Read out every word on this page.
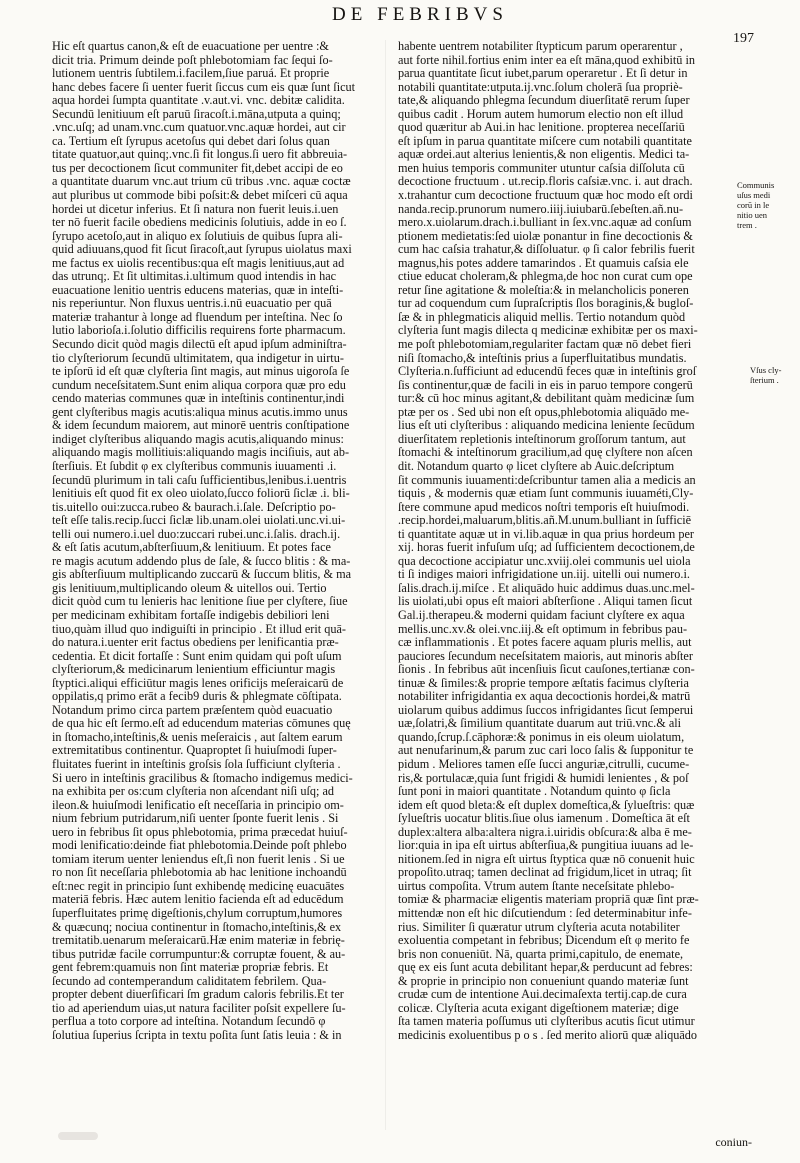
DE FEBRIBVS
197
Hic eſt quartus canon,& eſt de euacuatione per uentre :&
dicit tria. Primum deinde poſt phlebotomiam fac ſequi ſo-
lutionem uentris ſubtilem.i.facilem,ſiue paruá. Et proprie
hanc debes facere ſi uenter fuerit ſiccus cum eis quæ ſunt ſicut
aqua hordei ſumpta quantitate .v.aut.vi. vnc. debitæ calidita.
Secundū lenitiuum eſt paruū ſiracoſt.i.māna,utputa a quinq;
.vnc.uſq; ad unam.vnc.cum quatuor.vnc.aquæ hordei, aut cir
ca. Tertium eſt ſyrupus acetoſus qui debet dari ſolus quan
titate quatuor,aut quinq;.vnc.ſi fit longus.ſi uero fit abbreuia-
tus per decoctionem ſicut communiter fit,debet accipi de eo
a quantitate duarum vnc.aut trium cū tribus .vnc. aquæ coctæ
aut pluribus ut commode bibi poſsit:& debet miſceri cū aqua
hordei ut dicetur inferius. Et ſi natura non fuerit leuis.i.uen
ter nō fuerit facile obediens medicinis ſolutiuis, adde in eo ſ.
ſyrupo acetoſo,aut in aliquo ex ſolutiuis de quibus ſupra ali-
quid adiuuans,quod fit ſicut ſiracoſt,aut ſyrupus uiolatus maxi
me factus ex uiolis recentibus:qua eſt magis lenitiuus,aut ad
das utrunq;. Et ſit ultimitas.i.ultimum quod intendis in hac
euacuatione lenitio uentris educens materias, quæ in inteſti-
nis reperiuntur. Non fluxus uentris.i.nū euacuatio per quā
materiæ trahantur à longe ad fluendum per inteſtina. Nec ſo
lutio laborioſa.i.ſolutio difficilis requirens forte pharmacum.
Secundo dicit quòd magis dilectū eſt apud ipſum adminiſtra-
tio clyſteriorum ſecundū ultimitatem, qua indigetur in uirtu-
te ipſorū id eſt quæ clyſteria ſint magis, aut minus uigoroſa ſe
cundum neceſsitatem.Sunt enim aliqua corpora quæ pro edu
cendo materias communes quæ in inteſtinis continentur,indi
gent clyſteribus magis acutis:aliqua minus acutis.immo unus
& idem ſecundum maiorem, aut minorē uentris conſtipatione
indiget clyſteribus aliquando magis acutis,aliquando minus:
aliquando magis mollitiuis:aliquando magis inciſiuis, aut ab-
ſterſiuis. Et ſubdit φ ex clyſteribus communis iuuamenti .i.
ſecundū plurimum in tali caſu ſufficientibus,lenibus.i.uentris
lenitiuis eſt quod fit ex oleo uiolato,ſucco foliorū ſiclæ .i. bli-
tis.uitello oui:zucca.rubeo & baurach.i.ſale. Deſcriptio po-
teſt eſſe talis.recip.ſucci ſiclæ lib.unam.olei uiolati.unc.vi.ui-
telli oui numero.i.uel duo:zuccari rubei.unc.i.ſalis. drach.ij.
& eſt ſatis acutum,abſterſiuum,& lenitiuum. Et potes face
re magis acutum addendo plus de ſale, & ſucco blitis : & ma-
gis abſterſiuum multiplicando zuccarū & ſuccum blitis, & ma
gis lenitiuum,multiplicando oleum & uitellos oui. Tertio
dicit quòd cum tu lenieris hac lenitione ſiue per clyſtere, ſiue
per medicinam exhibitam fortaſſe indigebis debiliori leni
tiuo,quàm illud quo indiguiſti in principio . Et illud erit quā-
do natura.i.uenter erit factus obediens per lenificantia præ-
cedentia. Et dicit fortaſſe : Sunt enim quidam qui poſt uſum
clyſteriorum,& medicinarum lenientium efficiuntur magis
ſtyptici.aliqui efficiūtur magis lenes orificijs meſeraicarū de
oppilatis,q primo erāt a fecib9 duris & phlegmate cōſtipata.
Notandum primo circa partem præſentem quòd euacuatio
de qua hic eſt ſermo.eſt ad educendum materias cōmunes quę
in ſtomacho,inteſtinis,& uenis meſeraicis , aut ſaltem earum
extremitatibus continentur. Quaproptet ſi huiuſmodi ſuper-
fluitates fuerint in inteſtinis groſsis ſola ſufficiunt clyſteria .
Si uero in inteſtinis gracilibus & ſtomacho indigemus medici-
na exhibita per os:cum clyſteria non aſcendant niſi uſq; ad
ileon.& huiuſmodi lenificatio eſt neceſſaria in principio om-
nium febrium putridarum,niſi uenter ſponte fuerit lenis . Si
uero in febribus ſit opus phlebotomia, prima præcedat huiuſ-
modi lenificatio:deinde fiat phlebotomia.Deinde poſt phlebo
tomiam iterum uenter leniendus eſt,ſi non fuerit lenis . Si ue
ro non ſit neceſſaria phlebotomia ab hac lenitione inchoandū
eſt:nec regit in principio ſunt exhibendę medicinę euacuātes
materiā febris. Hæc autem lenitio facienda eſt ad educēdum
ſuperfluitates primę digeſtionis,chylum corruptum,humores
& quæcunq; nociua continentur in ſtomacho,inteſtinis,& ex
tremitatib.uenarum meſeraicarū.Hæ enim materiæ in febrię-
tibus putridæ facile corrumpuntur:& corruptæ fouent, & au-
gent febrem:quamuis non ſint materiæ propriæ febris. Et
ſecundo ad contemperandum caliditatem febrilem. Qua-
propter debent diuerſificari ſm gradum caloris febrilis.Et ter
tio ad aperiendum uias,ut natura faciliter poſsit expellere ſu-
perflua a toto corpore ad inteſtina. Notandum ſecundō φ
ſolutiua ſuperius ſcripta in textu poſita ſunt ſatis leuia : & in
habente uentrem notabiliter ſtypticum parum operarentur ,
aut forte nihil.fortius enim inter ea eſt māna,quod exhibitū in
parua quantitate ſicut iubet,parum operaretur . Et ſi detur in
notabili quantitate:utputa.ij.vnc.ſolum cholerā ſua propriè-
tate,& aliquando phlegma ſecundum diuerſitatē rerum ſuper
quibus cadit . Horum autem humorum electio non eſt illud
quod quæritur ab Aui.in hac lenitione. propterea neceſſariū
eſt ipſum in parua quantitate miſcere cum notabili quantitate
aquæ ordei.aut alterius lenientis,& non eligentis. Medici ta-
men huius temporis communiter utuntur caſsia diſſoluta cū
decoctione fructuum . ut.recip.floris caſsiæ.vnc. i. aut drach.
x.trahantur cum decoctione fructuum quæ hoc modo eſt ordi
nanda.recip.prunorum numero.iiij.iuiubarū.ſebeſten.añ.nu-
mero.x.uiolarum.drach.i.bulliant in ſex.vnc.aquæ ad conſum
ptionem medietatis:ſed uiolæ ponantur in fine decoctionis &
cum hac caſsia trahatur,& diſſoluatur. φ ſi calor febrilis fuerit
magnus,his potes addere tamarindos . Et quamuis caſsia ele
ctiue educat choleram,& phlegma,de hoc non curat cum ope
retur ſine agitatione & moleſtia:& in melancholicis poneren
tur ad coquendum cum ſupraſcriptis ſlos boraginis,& bugloſ-
ſæ & in phlegmaticis aliquid mellis. Tertio notandum quòd
clyſteria ſunt magis dilecta q medicinæ exhibitæ per os maxi-
me poſt phlebotomiam,regulariter factam quæ nō debet fieri
niſi ſtomacho,& inteſtinis prius a ſuperfluitatibus mundatis.
Clyſteria.n.ſufficiunt ad educendū feces quæ in inteſtinis groſ
ſis continentur,quæ de facili in eis in paruo tempore congerū
tur:& cū hoc minus agitant,& debilitant quàm medicinæ ſum
ptæ per os . Sed ubi non eſt opus,phlebotomia aliquādo me-
lius eſt uti clyſteribus : aliquando medicina leniente ſecūdum
diuerſitatem repletionis inteſtinorum groſſorum tantum, aut
ſtomachi & inteſtinorum gracilium,ad quę clyſtere non aſcen
dit. Notandum quarto φ licet clyſtere ab Auic.deſcriptum
ſit communis iuuamenti:deſcribuntur tamen alia a medicis an
tiquis , & modernis quæ etiam ſunt communis iuuaméti,Cly-
ſtere commune apud medicos noſtri temporis eſt huiuſmodi.
.recip.hordei,maluarum,blitis.añ.M.unum.bulliant in ſufficiē
ti quantitate aquæ ut in vi.lib.aquæ in qua prius hordeum per
xij. horas fuerit infuſum uſq; ad ſufficientem decoctionem,de
qua decoctione accipiatur unc.xviij.olei communis uel uiola
ti ſi indiges maiori infrigidatione un.iij. uitelli oui numero.i.
ſalis.drach.ij.miſce . Et aliquādo huic addimus duas.unc.mel-
lis uiolati,ubi opus eſt maiori abſterſione . Aliqui tamen ſicut
Gal.ij.therapeu.& moderni quidam faciunt clyſtere ex aqua
mellis.unc.xv.& olei.vnc.iij.& eſt optimum in febribus pau-
cæ inflammationis . Et potes facere aquam pluris mellis, aut
pauciores ſecundum neceſsitatem maioris, aut minoris abſter
ſionis . In febribus aūt incenſiuis ſicut cauſones,tertianæ con-
tinuæ & ſimiles:& proprie tempore æſtatis facimus clyſteria
notabiliter infrigidantia ex aqua decoctionis hordei,& matrū
uiolarum quibus addimus ſuccos infrigidantes ſicut ſemperui
uæ,ſolatri,& ſimilium quantitate duarum aut triū.vnc.& ali
quando,ſcrup.ſ.cāphoræ:& ponimus in eis oleum uiolatum,
aut nenufarinum,& parum zuc cari loco ſalis & ſupponitur te
pidum . Meliores tamen eſſe ſucci anguriæ,citrulli, cucume-
ris,& portulacæ,quia ſunt frigidi & humidi lenientes , & poſ
ſunt poni in maiori quantitate . Notandum quinto φ ſicla
idem eſt quod bleta:& eſt duplex domeſtica,& ſylueſtris: quæ
ſylueſtris uocatur blitis.ſiue olus iamenum . Domeſtica āt eſt
duplex:altera alba:altera nigra.i.uiridis obſcura:& alba ē me-
lior:quia in ipa eſt uirtus abſterſiua,& pungitiua iuuans ad le-
nitionem.ſed in nigra eſt uirtus ſtyptica quæ nō conuenit huic
propoſito.utraq; tamen declinat ad frigidum,licet in utraq; ſit
uirtus compoſita. Vtrum autem ſtante neceſsitate phlebo-
tomiæ & pharmaciæ eligentis materiam propriā quæ ſint præ-
mittendæ non eſt hic diſcutiendum : ſed determinabitur infe-
rius. Similiter ſi quæratur utrum clyſteria acuta notabiliter
exoluentia competant in febribus; Dicendum eſt φ merito fe
bris non conueniūt. Nā, quarta primi,capitulo, de enemate,
quę ex eis ſunt acuta debilitant hepar,& perducunt ad febres:
& proprie in principio non conueniunt quando materiæ ſunt
crudæ cum de intentione Aui.decimaſexta tertij.cap.de cura
colicæ. Clyſteria acuta exigant digeſtionem materiæ; dige
ſta tamen materia poſſumus uti clyſteribus acutis ſicut utimur
medicinis exoluentibus p o s . ſed merito aliorū quæ aliquādo
Communis
uſus medi
corū in le
nitio uen
trem .
Vſus cly-
ſterium .
coniun-
